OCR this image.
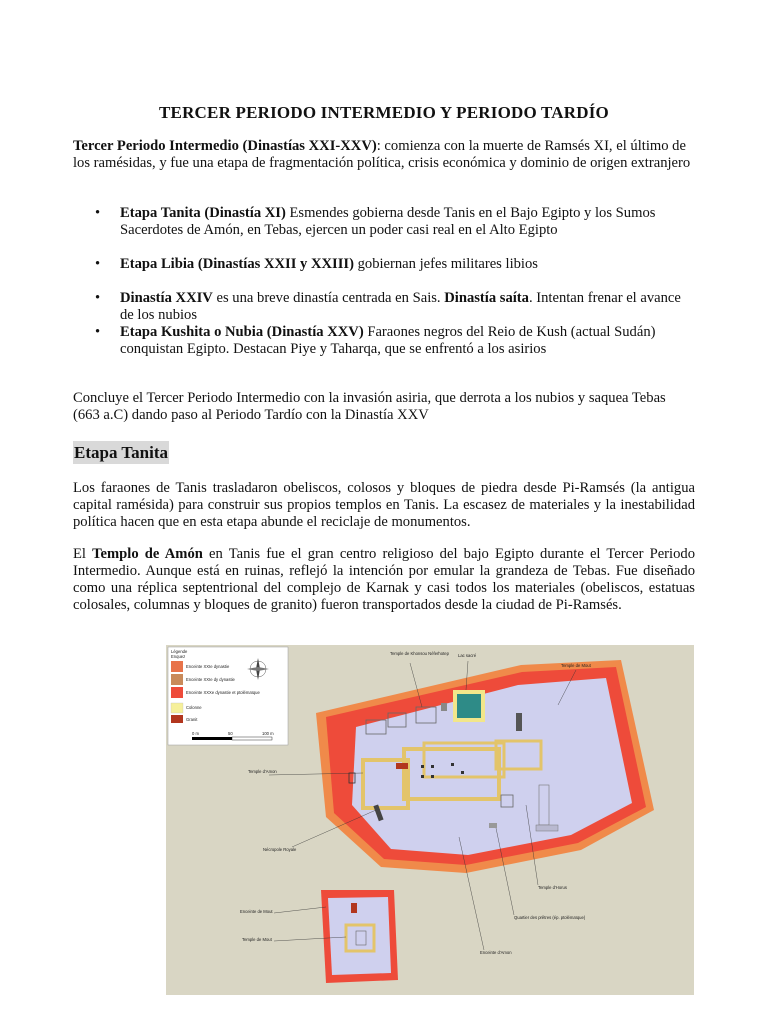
TERCER PERIODO INTERMEDIO Y PERIODO TARDÍO

Tercer Periodo Intermedio (Dinastías XXI-XXV): comienza con la muerte de Ramsés XI, el último de los ramésidas, y fue una etapa de fragmentación política, crisis económica y dominio de origen extranjero

• Etapa Tanita (Dinastía XI) Esmendes gobierna desde Tanis en el Bajo Egipto y los Sumos Sacerdotes de Amón, en Tebas, ejercen un poder casi real en el Alto Egipto
• Etapa Libia (Dinastías XXII y XXIII) gobiernan jefes militares libios
• Dinastía XXIV es una breve dinastía centrada en Sais. Dinastía saíta. Intentan frenar el avance de los nubios
• Etapa Kushita o Nubia (Dinastía XXV) Faraones negros del Reio de Kush (actual Sudán) conquistan Egipto. Destacan Piye y Taharqa, que se enfrentó a los asirios

Concluye el Tercer Periodo Intermedio con la invasión asiria, que derrota a los nubios y saquea Tebas (663 a.C) dando paso al Periodo Tardío con la Dinastía XXV

Etapa Tanita

Los faraones de Tanis trasladaron obeliscos, colosos y bloques de piedra desde Pi-Ramsés (la antigua capital ramésida) para construir sus propios templos en Tanis. La escasez de materiales y la inestabilidad política hacen que en esta etapa abunde el reciclaje de monumentos.

El Templo de Amón en Tanis fue el gran centro religioso del bajo Egipto durante el Tercer Periodo Intermedio. Aunque está en ruinas, reflejó la intención por emular la grandeza de Tebas. Fue diseñado como una réplica septentrional del complejo de Karnak y casi todos los materiales (obeliscos, estatuas colosales, columnas y bloques de granito) fueron transportados desde la ciudad de Pi-Ramsés.

Légende
Enquez
Enceinte XXIe dynastie
Enceinte XXIe dy dynastie
Enceinte XXXe dynastie et ptolémaïque
Colonne
Granit
0 m	50	100 m
Temple de Khonsou Néferhotep Lac sacré
Temple de Mout
Temple d'Amon
Nécropole Royale
Temple d'Horus
Quartier des prêtres (ép. ptolémaïque)
Enceinte d'Amon
Enceinte de Mout
Temple de Mout
